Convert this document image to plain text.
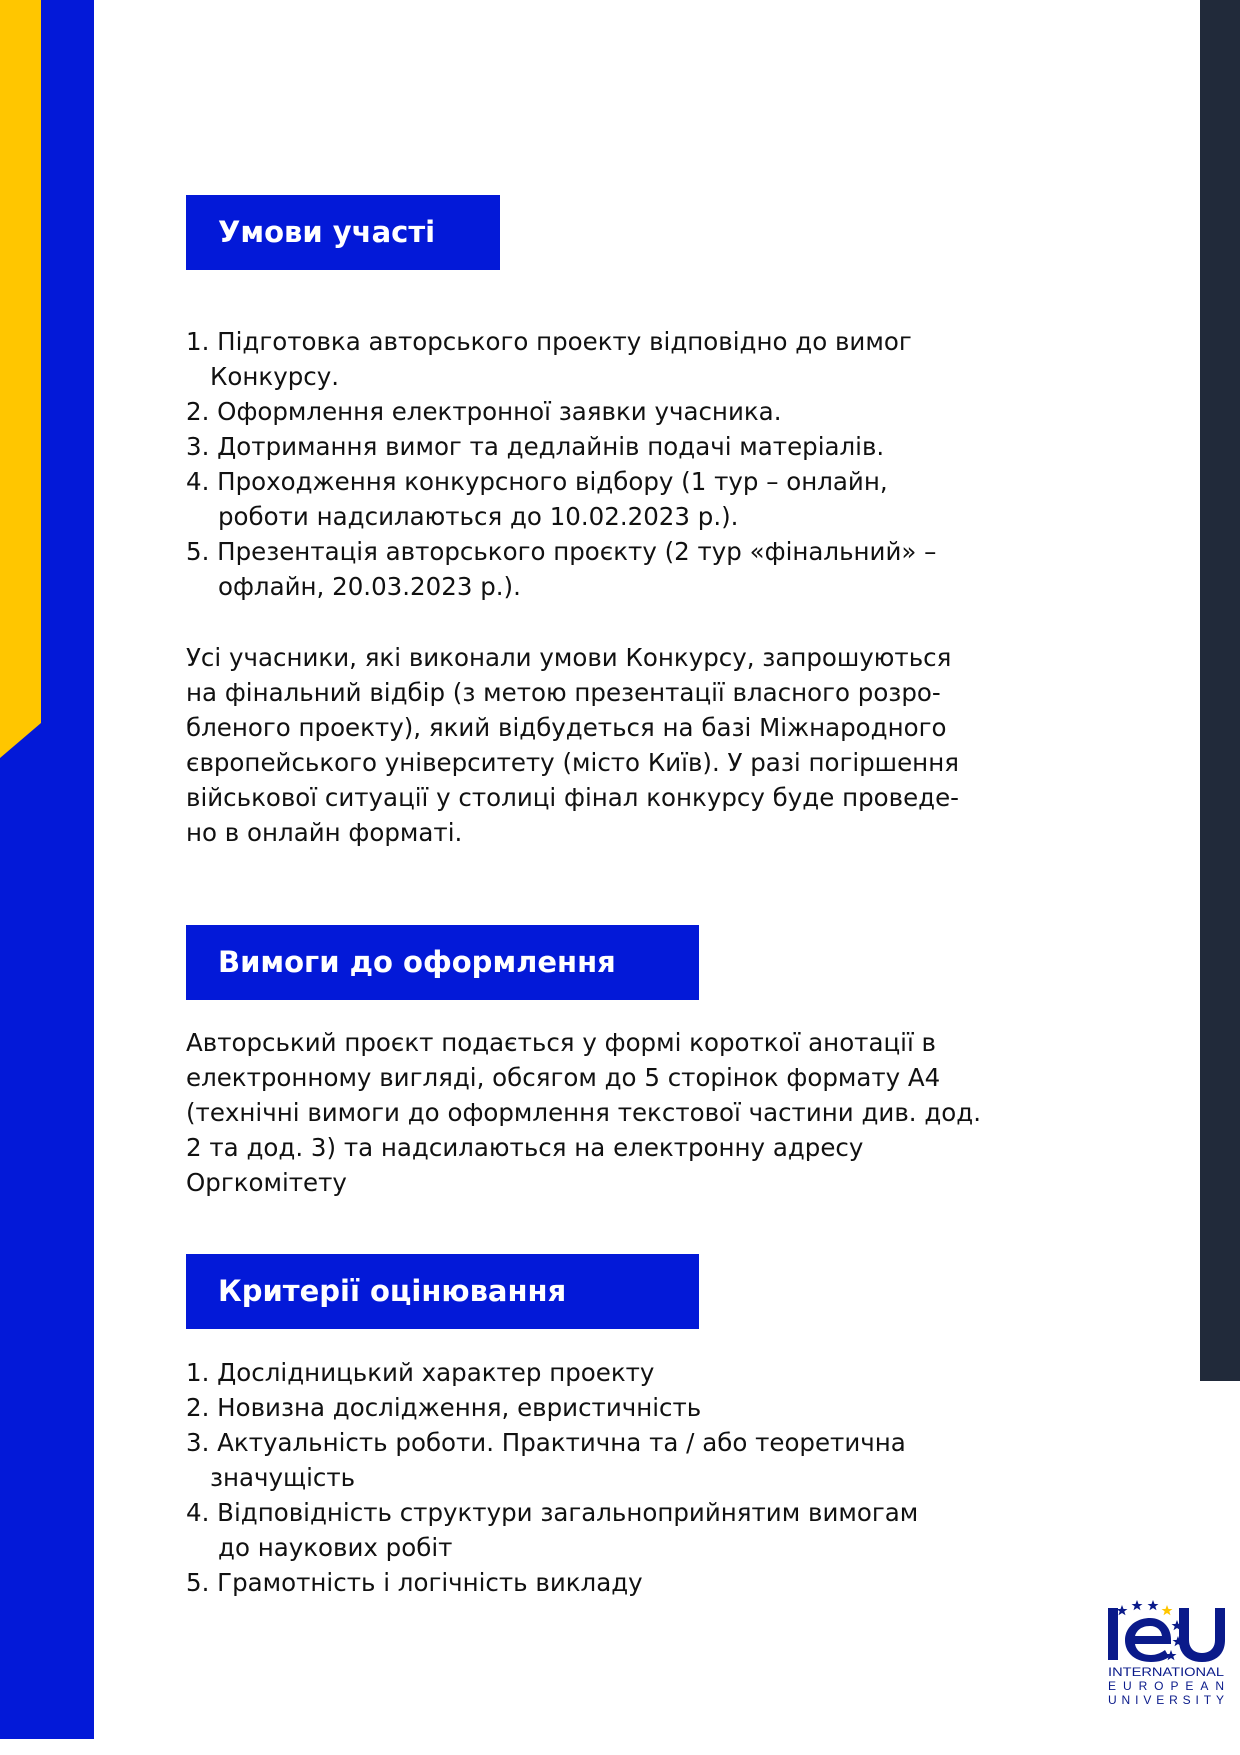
Умови участі
1. Підготовка авторського проекту відповідно до вимог
Конкурсу.
2. Оформлення електронної заявки учасника.
3. Дотримання вимог та дедлайнів подачі матеріалів.
4. Проходження конкурсного відбору (1 тур – онлайн,
роботи надсилаються до 10.02.2023 р.).
5. Презентація авторського проєкту (2 тур «фінальний» –
офлайн, 20.03.2023 р.).
Усі учасники, які виконали умови Конкурсу, запрошуються
на фінальний відбір (з метою презентації власного розро-
бленого проекту), який відбудеться на базі Міжнародного
європейського університету (місто Київ). У разі погіршення
військової ситуації у столиці фінал конкурсу буде проведе-
но в онлайн форматі.
Вимоги до оформлення
Авторський проєкт подається у формі короткої анотації в
електронному вигляді, обсягом до 5 сторінок формату А4
(технічні вимоги до оформлення текстової частини див. дод.
2 та дод. 3) та надсилаються на електронну адресу
Оргкомітету
Критерії оцінювання
1. Дослідницький характер проекту
2. Новизна дослідження, евристичність
3. Актуальність роботи. Практична та / або теоретична
значущість
4. Відповідність структури загальноприйнятим вимогам
до наукових робіт
5. Грамотність і логічність викладу
INTERNATIONAL
EUROPEAN
UNIVERSITY
